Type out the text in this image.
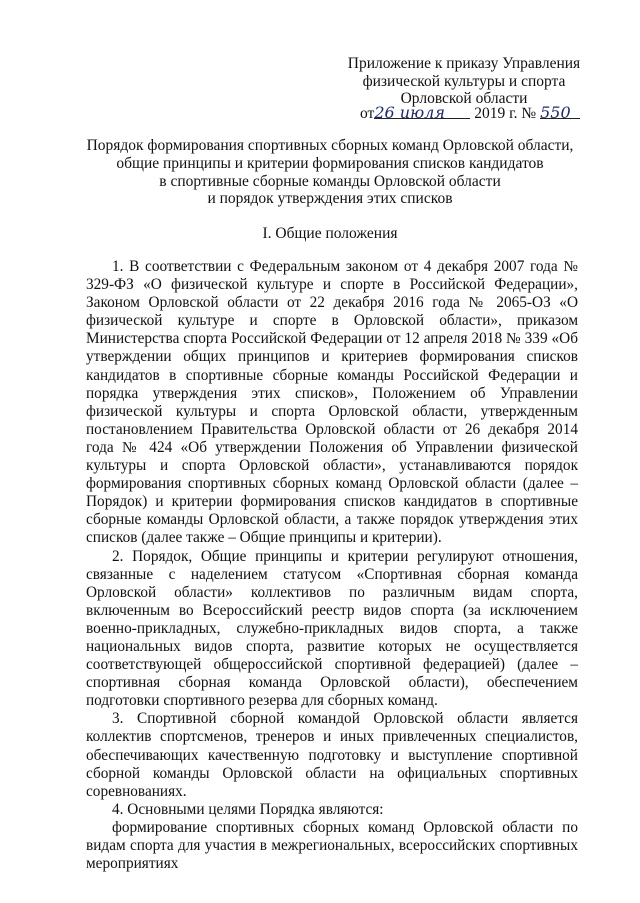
Приложение к приказу Управления
физической культуры и спорта
Орловской области
от26 июля 2019 г. № 550
Порядок формирования спортивных сборных команд Орловской области,
общие принципы и критерии формирования списков кандидатов
в спортивные сборные команды Орловской области
и порядок утверждения этих списков
I. Общие положения

1. В соответствии с Федеральным законом от 4 декабря 2007 года № 329-ФЗ «О физической культуре и спорте в Российской Федерации», Законом Орловской области от 22 декабря 2016 года № 2065-ОЗ «О физической культуре и спорте в Орловской области», приказом Министерства спорта Российской Федерации от 12 апреля 2018 № 339 «Об утверждении общих принципов и критериев формирования списков кандидатов в спортивные сборные команды Российской Федерации и порядка утверждения этих списков», Положением об Управлении физической культуры и спорта Орловской области, утвержденным постановлением Правительства Орловской области от 26 декабря 2014 года № 424 «Об утверждении Положения об Управлении физической культуры и спорта Орловской области», устанавливаются порядок формирования спортивных сборных команд Орловской области (далее – Порядок) и критерии формирования списков кандидатов в спортивные сборные команды Орловской области, а также порядок утверждения этих списков (далее также – Общие принципы и критерии).

2. Порядок, Общие принципы и критерии регулируют отношения, связанные с наделением статусом «Спортивная сборная команда Орловской области» коллективов по различным видам спорта, включенным во Всероссийский реестр видов спорта (за исключением военно-прикладных, служебно-прикладных видов спорта, а также национальных видов спорта, развитие которых не осуществляется соответствующей общероссийской спортивной федерацией) (далее – спортивная сборная команда Орловской области), обеспечением подготовки спортивного резерва для сборных команд.

3. Спортивной сборной командой Орловской области является коллектив спортсменов, тренеров и иных привлеченных специалистов, обеспечивающих качественную подготовку и выступление спортивной сборной команды Орловской области на официальных спортивных соревнованиях.

4. Основными целями Порядка являются:

формирование спортивных сборных команд Орловской области по видам спорта для участия в межрегиональных, всероссийских спортивных мероприятиях
